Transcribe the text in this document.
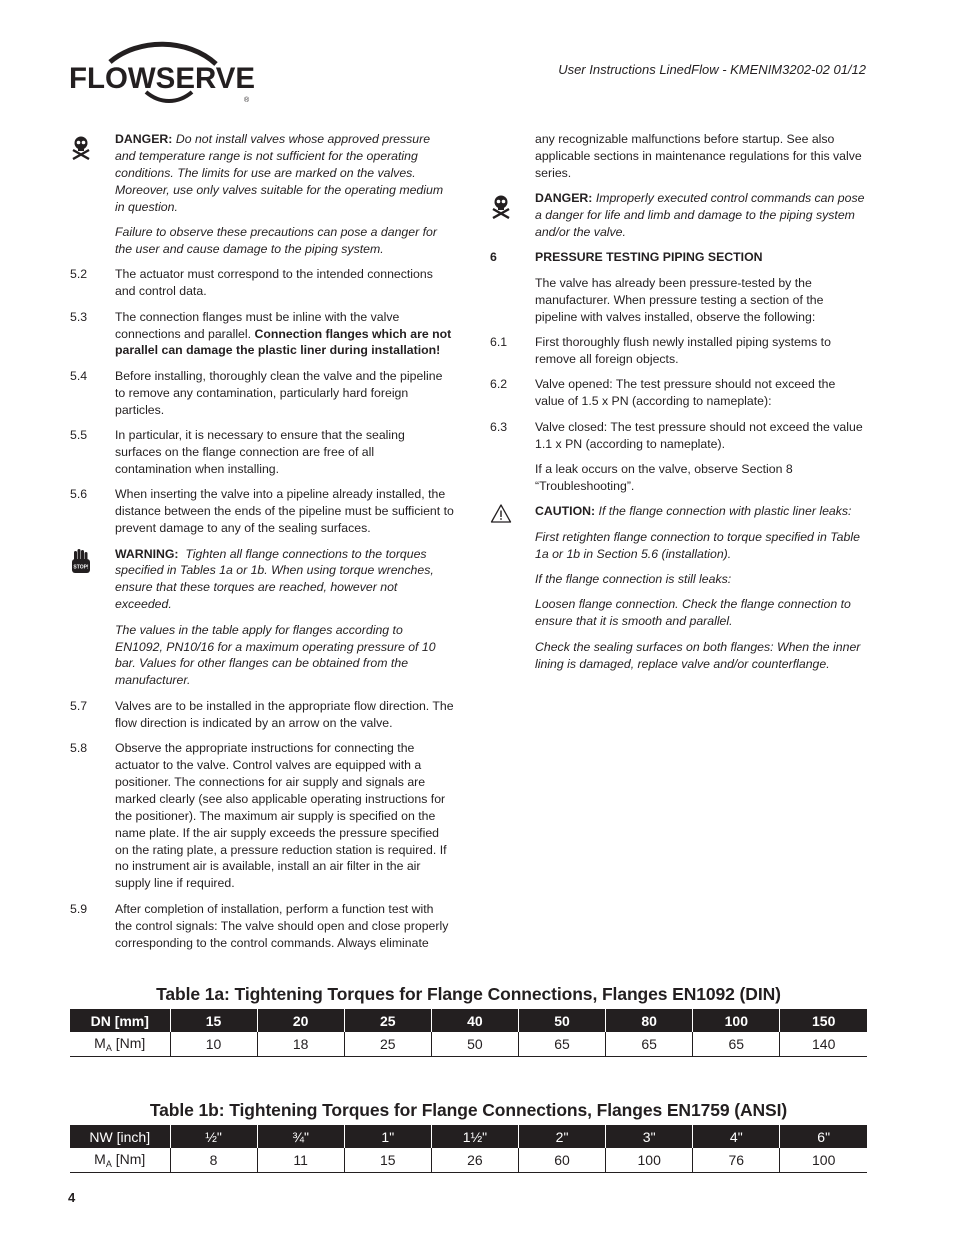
FLOWSERVE
®
User Instructions LinedFlow - KMENIM3202-02 01/12
DANGER: Do not install valves whose approved pressure and temperature range is not sufficient for the operating conditions. The limits for use are marked on the valves. Moreover, use only valves suitable for the operating medium in question.
Failure to observe these precautions can pose a danger for the user and cause damage to the piping system.
5.2 The actuator must correspond to the intended connections and control data.
5.3 The connection flanges must be inline with the valve connections and parallel. Connection flanges which are not parallel can damage the plastic liner during installation!
5.4 Before installing, thoroughly clean the valve and the pipeline to remove any contamination, particularly hard foreign particles.
5.5 In particular, it is necessary to ensure that the sealing surfaces on the flange connection are free of all contamination when installing.
5.6 When inserting the valve into a pipeline already installed, the distance between the ends of the pipeline must be sufficient to prevent damage to any of the sealing surfaces.
STOP!
WARNING: Tighten all flange connections to the torques specified in Tables 1a or 1b. When using torque wrenches, ensure that these torques are reached, however not exceeded.
The values in the table apply for flanges according to EN1092, PN10/16 for a maximum operating pressure of 10 bar. Values for other flanges can be obtained from the manufacturer.
5.7 Valves are to be installed in the appropriate flow direction. The flow direction is indicated by an arrow on the valve.
5.8 Observe the appropriate instructions for connecting the actuator to the valve. Control valves are equipped with a positioner. The connections for air supply and signals are marked clearly (see also applicable operating instructions for the positioner). The maximum air supply is specified on the name plate. If the air supply exceeds the pressure specified on the rating plate, a pressure reduction station is required. If no instrument air is available, install an air filter in the air supply line if required.
5.9 After completion of installation, perform a function test with the control signals: The valve should open and close properly corresponding to the control commands. Always eliminate
any recognizable malfunctions before startup. See also applicable sections in maintenance regulations for this valve series.
DANGER: Improperly executed control commands can pose a danger for life and limb and damage to the piping system and/or the valve.
6	PRESSURE TESTING PIPING SECTION
The valve has already been pressure-tested by the manufacturer. When pressure testing a section of the pipeline with valves installed, observe the following:
6.1 First thoroughly flush newly installed piping systems to remove all foreign objects.
6.2 Valve opened: The test pressure should not exceed the value of 1.5 x PN (according to nameplate):
6.3 Valve closed: The test pressure should not exceed the value 1.1 x PN (according to nameplate).
If a leak occurs on the valve, observe Section 8 “Troubleshooting”.
CAUTION: If the flange connection with plastic liner leaks:
First retighten flange connection to torque specified in Table 1a or 1b in Section 5.6 (installation).
If the flange connection is still leaks:
Loosen flange connection. Check the flange connection to ensure that it is smooth and parallel.
Check the sealing surfaces on both flanges: When the inner lining is damaged, replace valve and/or counterflange.
Table 1a: Tightening Torques for Flange Connections, Flanges EN1092 (DIN)
DN [mm]	15	20	25	40	50	80	100	150
$M_A$ [Nm]	10	18	25	50	65	65	65	140
Table 1b: Tightening Torques for Flange Connections, Flanges EN1759 (ANSI)
NW [inch]	½"	¾"	1"	1½"	2"	3"	4"	6"
$M_A$ [Nm]	8	11	15	26	60	100	76	100
4
